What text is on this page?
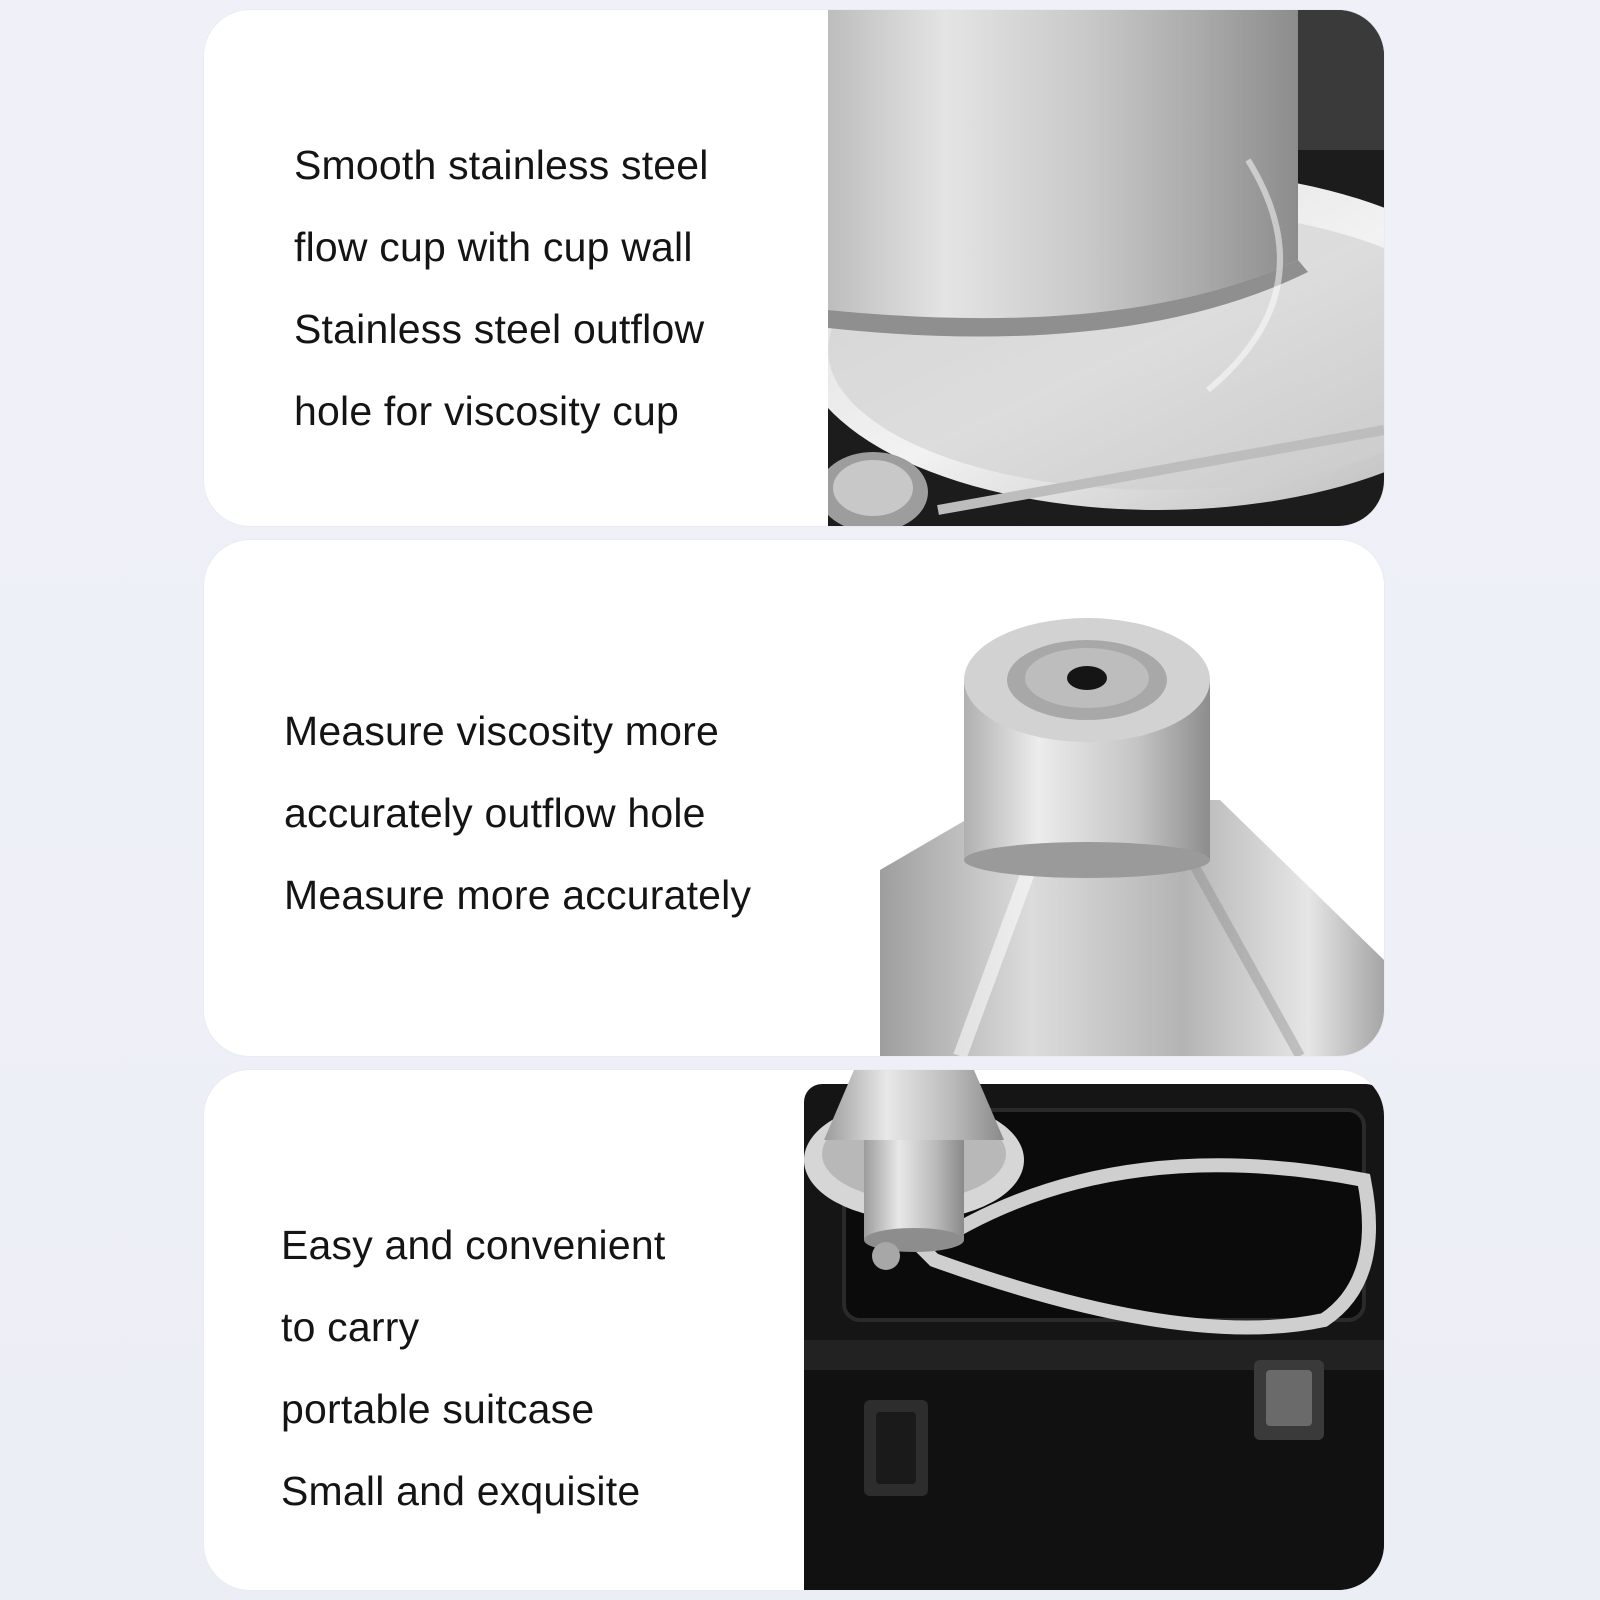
Smooth stainless steel
flow cup with cup wall
Stainless steel outflow
hole for viscosity cup
Measure viscosity more
accurately outflow hole
Measure more accurately
Easy and convenient
to carry
portable suitcase
Small and exquisite
